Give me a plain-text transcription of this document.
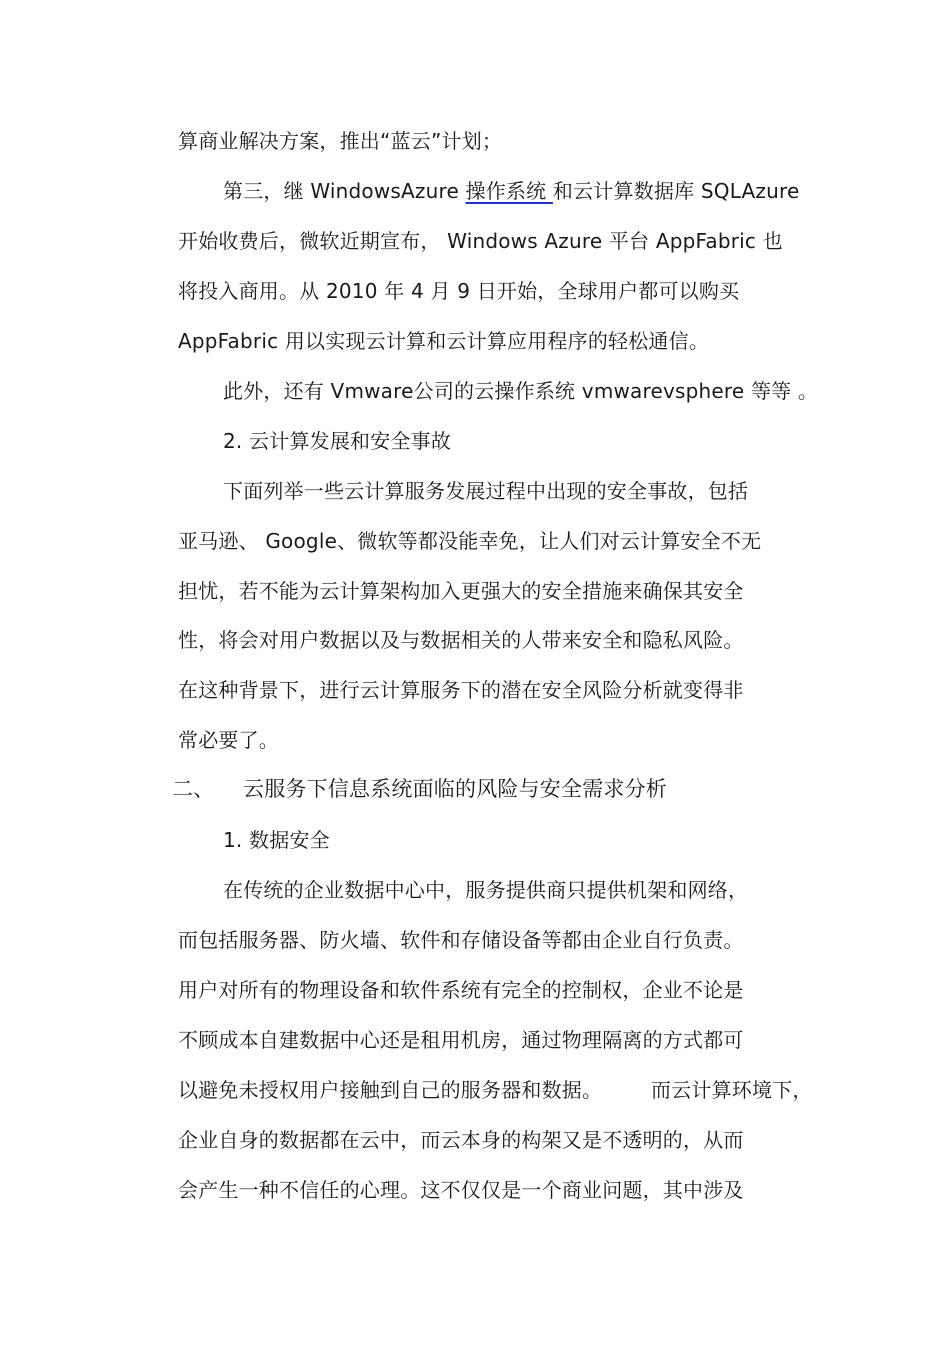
算商业解决方案，推出“蓝云”计划；
第三，继 WindowsAzure 操作系统 和云计算数据库 SQLAzure
开始收费后，微软近期宣布， Windows Azure 平台 AppFabric 也
将投入商用。从 2010 年 4 月 9 日开始，全球用户都可以购买
AppFabric 用以实现云计算和云计算应用程序的轻松通信。
此外，还有 Vmware公司的云操作系统 vmwarevsphere 等等 。
2. 云计算发展和安全事故
下面列举一些云计算服务发展过程中出现的安全事故，包括
亚马逊、 Google、微软等都没能幸免，让人们对云计算安全不无
担忧，若不能为云计算架构加入更强大的安全措施来确保其安全
性，将会对用户数据以及与数据相关的人带来安全和隐私风险。
在这种背景下，进行云计算服务下的潜在安全风险分析就变得非
常必要了。
二、 云服务下信息系统面临的风险与安全需求分析
1. 数据安全
在传统的企业数据中心中，服务提供商只提供机架和网络，
而包括服务器、防火墙、软件和存储设备等都由企业自行负责。
用户对所有的物理设备和软件系统有完全的控制权，企业不论是
不顾成本自建数据中心还是租用机房，通过物理隔离的方式都可
以避免未授权用户接触到自己的服务器和数据。 而云计算环境下，
企业自身的数据都在云中，而云本身的构架又是不透明的，从而
会产生一种不信任的心理。这不仅仅是一个商业问题，其中涉及
